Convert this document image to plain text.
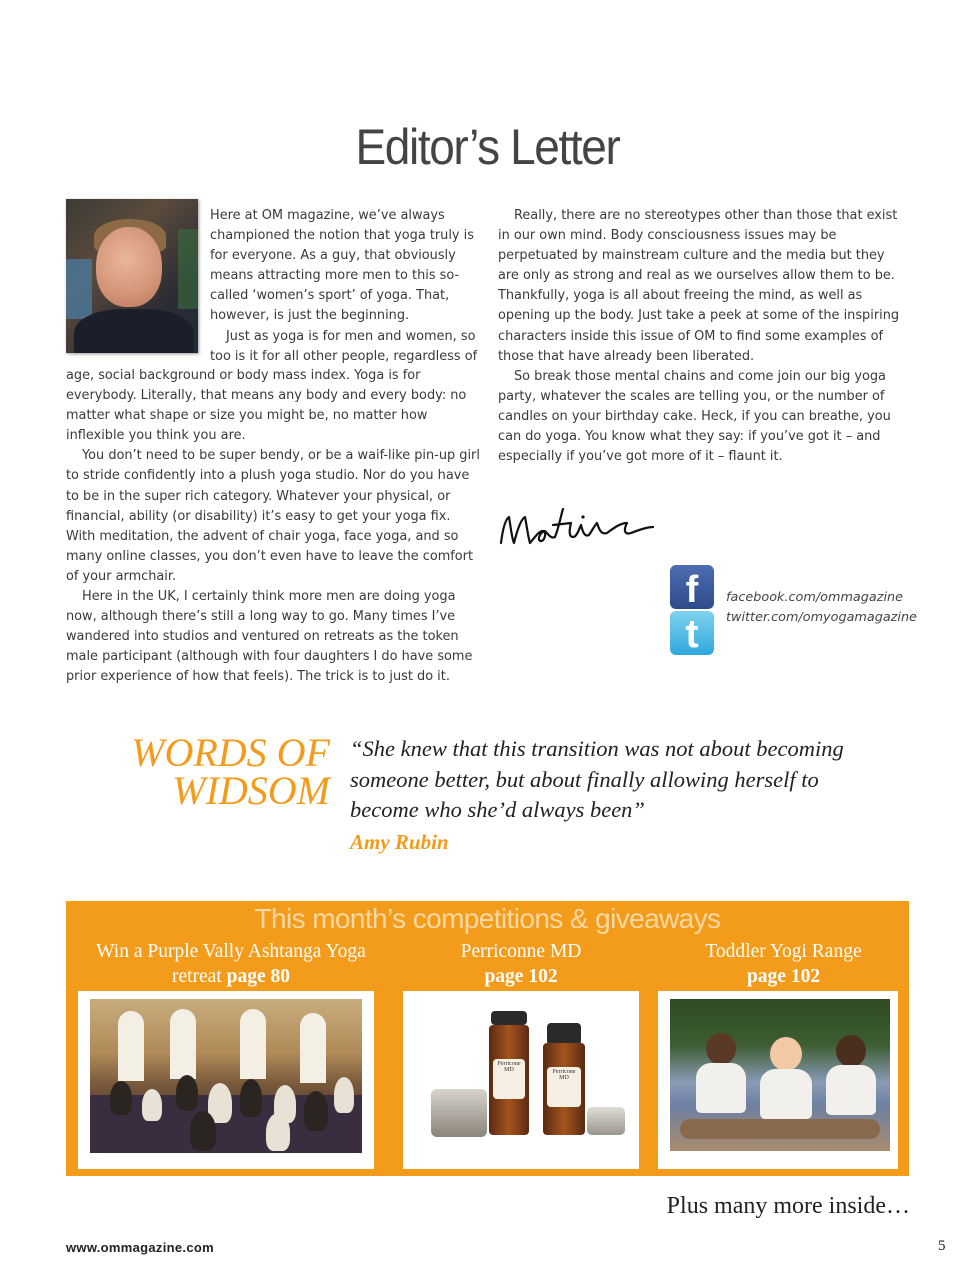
Editor’s Letter

Here at OM magazine, we’ve always championed the notion that yoga truly is for everyone. As a guy, that obviously means attracting more men to this so-called ‘women’s sport’ of yoga. That, however, is just the beginning.

Just as yoga is for men and women, so too is it for all other people, regardless of

age, social background or body mass index. Yoga is for everybody. Literally, that means any body and every body: no matter what shape or size you might be, no matter how inflexible you think you are.

You don’t need to be super bendy, or be a waif-like pin-up girl to stride confidently into a plush yoga studio. Nor do you have to be in the super rich category. Whatever your physical, or financial, ability (or disability) it’s easy to get your yoga fix. With meditation, the advent of chair yoga, face yoga, and so many online classes, you don’t even have to leave the comfort of your armchair.

Here in the UK, I certainly think more men are doing yoga now, although there’s still a long way to go. Many times I’ve wandered into studios and ventured on retreats as the token male participant (although with four daughters I do have some prior experience of how that feels). The trick is to just do it.

Really, there are no stereotypes other than those that exist in our own mind. Body consciousness issues may be perpetuated by mainstream culture and the media but they are only as strong and real as we ourselves allow them to be. Thankfully, yoga is all about freeing the mind, as well as opening up the body. Just take a peek at some of the inspiring characters inside this issue of OM to find some examples of those that have already been liberated.

So break those mental chains and come join our big yoga party, whatever the scales are telling you, or the number of candles on your birthday cake. Heck, if you can breathe, you can do yoga. You know what they say: if you’ve got it – and especially if you’ve got more of it – flaunt it.

f
t
facebook.com/ommagazine
twitter.com/omyogamagazine
WORDS OF
WIDSOM
“She knew that this transition was not about becoming someone better, but about finally allowing herself to become who she’d always been”
Amy Rubin
This month’s competitions & giveaways
Win a Purple Vally Ashtanga Yoga
retreat page 80
Perriconne MD
page 102
Toddler Yogi Range
page 102
Perricone MD	Perricone MD
Plus many more inside…
www.ommagazine.com	5
